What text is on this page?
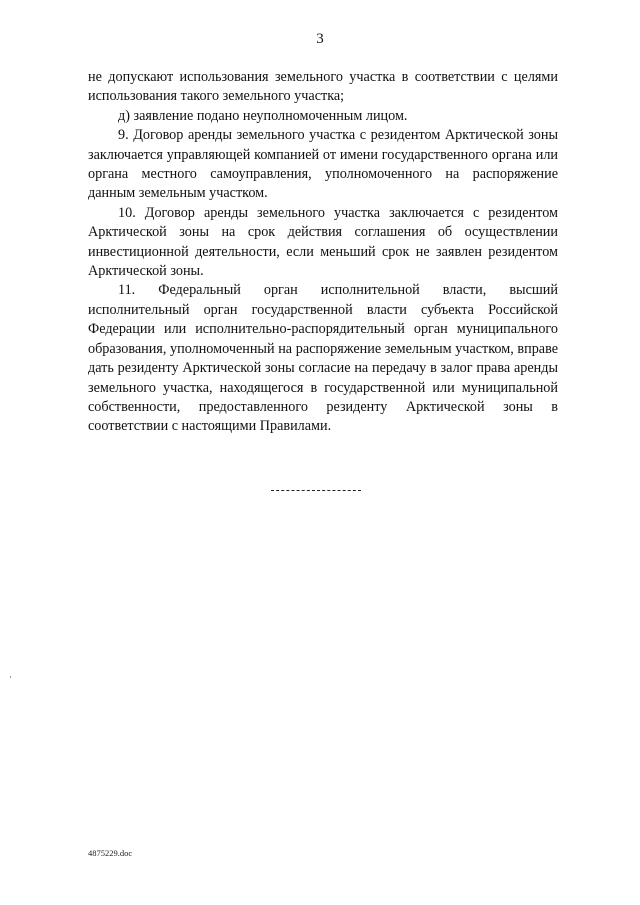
3

не допускают использования земельного участка в соответствии с целями использования такого земельного участка;

д) заявление подано неуполномоченным лицом.

9. Договор аренды земельного участка с резидентом Арктической зоны заключается управляющей компанией от имени государственного органа или органа местного самоуправления, уполномоченного на распоряжение данным земельным участком.

10. Договор аренды земельного участка заключается с резидентом Арктической зоны на срок действия соглашения об осуществлении инвестиционной деятельности, если меньший срок не заявлен резидентом Арктической зоны.

11. Федеральный орган исполнительной власти, высший исполнительный орган государственной власти субъекта Российской Федерации или исполнительно-распорядительный орган муниципального образования, уполномоченный на распоряжение земельным участком, вправе дать резиденту Арктической зоны согласие на передачу в залог права аренды земельного участка, находящегося в государственной или муниципальной собственности, предоставленного резиденту Арктической зоны в соответствии с настоящими Правилами.

4875229.doc
